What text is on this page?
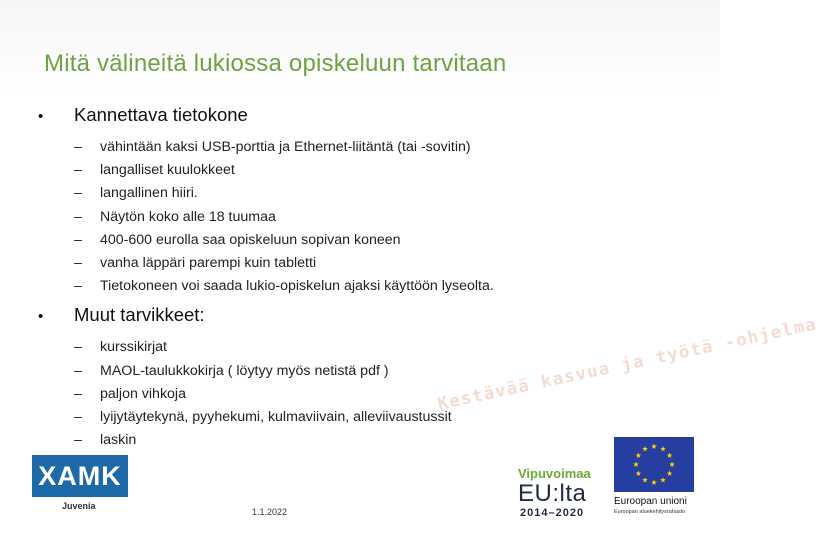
Mitä välineitä lukiossa opiskeluun tarvitaan
•	Kannettava tietokone
–	vähintään kaksi USB-porttia ja Ethernet-liitäntä (tai -sovitin)
–	langalliset kuulokkeet
–	langallinen hiiri.
–	Näytön koko alle 18 tuumaa
–	400-600 eurolla saa opiskeluun sopivan koneen
–	vanha läppäri parempi kuin tabletti
–	Tietokoneen voi saada lukio-opiskelun ajaksi käyttöön lyseolta.
•	Muut tarvikkeet:
–	kurssikirjat
–	MAOL-taulukkokirja ( löytyy myös netistä pdf )
–	paljon vihkoja
–	lyijytäytekynä, pyyhekumi, kulmaviivain, alleviivaustussit
–	laskin
Kestävää kasvua ja työtä -ohjelma
XAMK
Juvenia
1.1.2022
Vipuvoimaa
EU:lta
2014–2020
Euroopan unioni
Euroopan aluekehitysrahasto
